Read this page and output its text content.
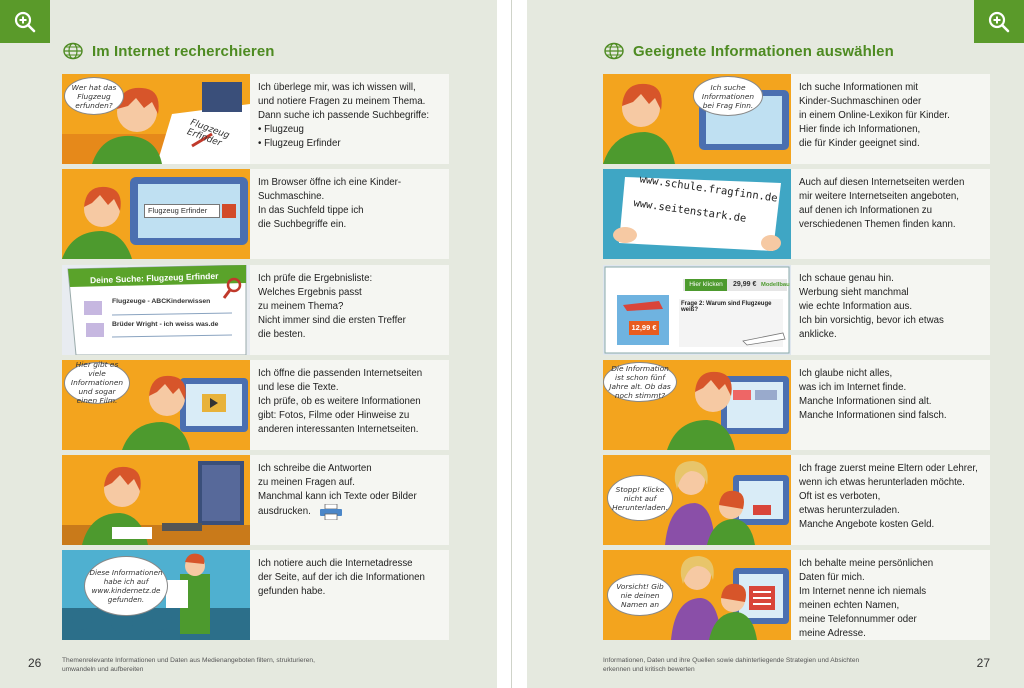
Im Internet recherchieren
Wer hat das Flugzeug erfunden?
Flugzeug Erfinder
Ich überlege mir, was ich wissen will,
und notiere Fragen zu meinem Thema.
Dann suche ich passende Suchbegriffe:
• Flugzeug
• Flugzeug Erfinder
Flugzeug Erfinder
Im Browser öffne ich eine Kinder-
Suchmaschine.
In das Suchfeld tippe ich
die Suchbegriffe ein.
Deine Suche: Flugzeug Erfinder
Flugzeuge - ABCKinderwissen
Brüder Wright - ich weiss was.de
Ich prüfe die Ergebnisliste:
Welches Ergebnis passt
zu meinem Thema?
Nicht immer sind die ersten Treffer
die besten.
Hier gibt es viele Informationen und sogar einen Film.
Ich öffne die passenden Internetseiten
und lese die Texte.
Ich prüfe, ob es weitere Informationen
gibt: Fotos, Filme oder Hinweise zu
anderen interessanten Internetseiten.
Ich schreibe die Antworten
zu meinen Fragen auf.
Manchmal kann ich Texte oder Bilder
ausdrucken.
Diese Informationen habe ich auf www.kindernetz.de gefunden.
Ich notiere auch die Internetadresse
der Seite, auf der ich die Informationen
gefunden habe.
26	Themenrelevante Informationen und Daten aus Medienangeboten filtern, strukturieren, umwandeln und aufbereiten
Geeignete Informationen auswählen
Ich suche Informationen bei Frag Finn.
Ich suche Informationen mit
Kinder-Suchmaschinen oder
in einem Online-Lexikon für Kinder.
Hier finde ich Informationen,
die für Kinder geeignet sind.
www.schule.fragfinn.de
www.seitenstark.de
Auch auf diesen Internetseiten werden
mir weitere Internetseiten angeboten,
auf denen ich Informationen zu
verschiedenen Themen finden kann.
Hier klicken	29,99 € Modellbau
Frage 2: Warum sind Flugzeuge weiß?
12,99 €
Ich schaue genau hin.
Werbung sieht manchmal
wie echte Information aus.
Ich bin vorsichtig, bevor ich etwas
anklicke.
Die Information ist schon fünf Jahre alt. Ob das noch stimmt?
Ich glaube nicht alles,
was ich im Internet finde.
Manche Informationen sind alt.
Manche Informationen sind falsch.
Stopp! Klicke nicht auf Herunterladen.
Ich frage zuerst meine Eltern oder Lehrer,
wenn ich etwas herunterladen möchte.
Oft ist es verboten,
etwas herunterzuladen.
Manche Angebote kosten Geld.
Vorsicht! Gib nie deinen Namen an
Ich behalte meine persönlichen
Daten für mich.
Im Internet nenne ich niemals
meinen echten Namen,
meine Telefonnummer oder
meine Adresse.
27
Informationen, Daten und ihre Quellen sowie dahinterliegende Strategien und Absichten erkennen und kritisch bewerten
